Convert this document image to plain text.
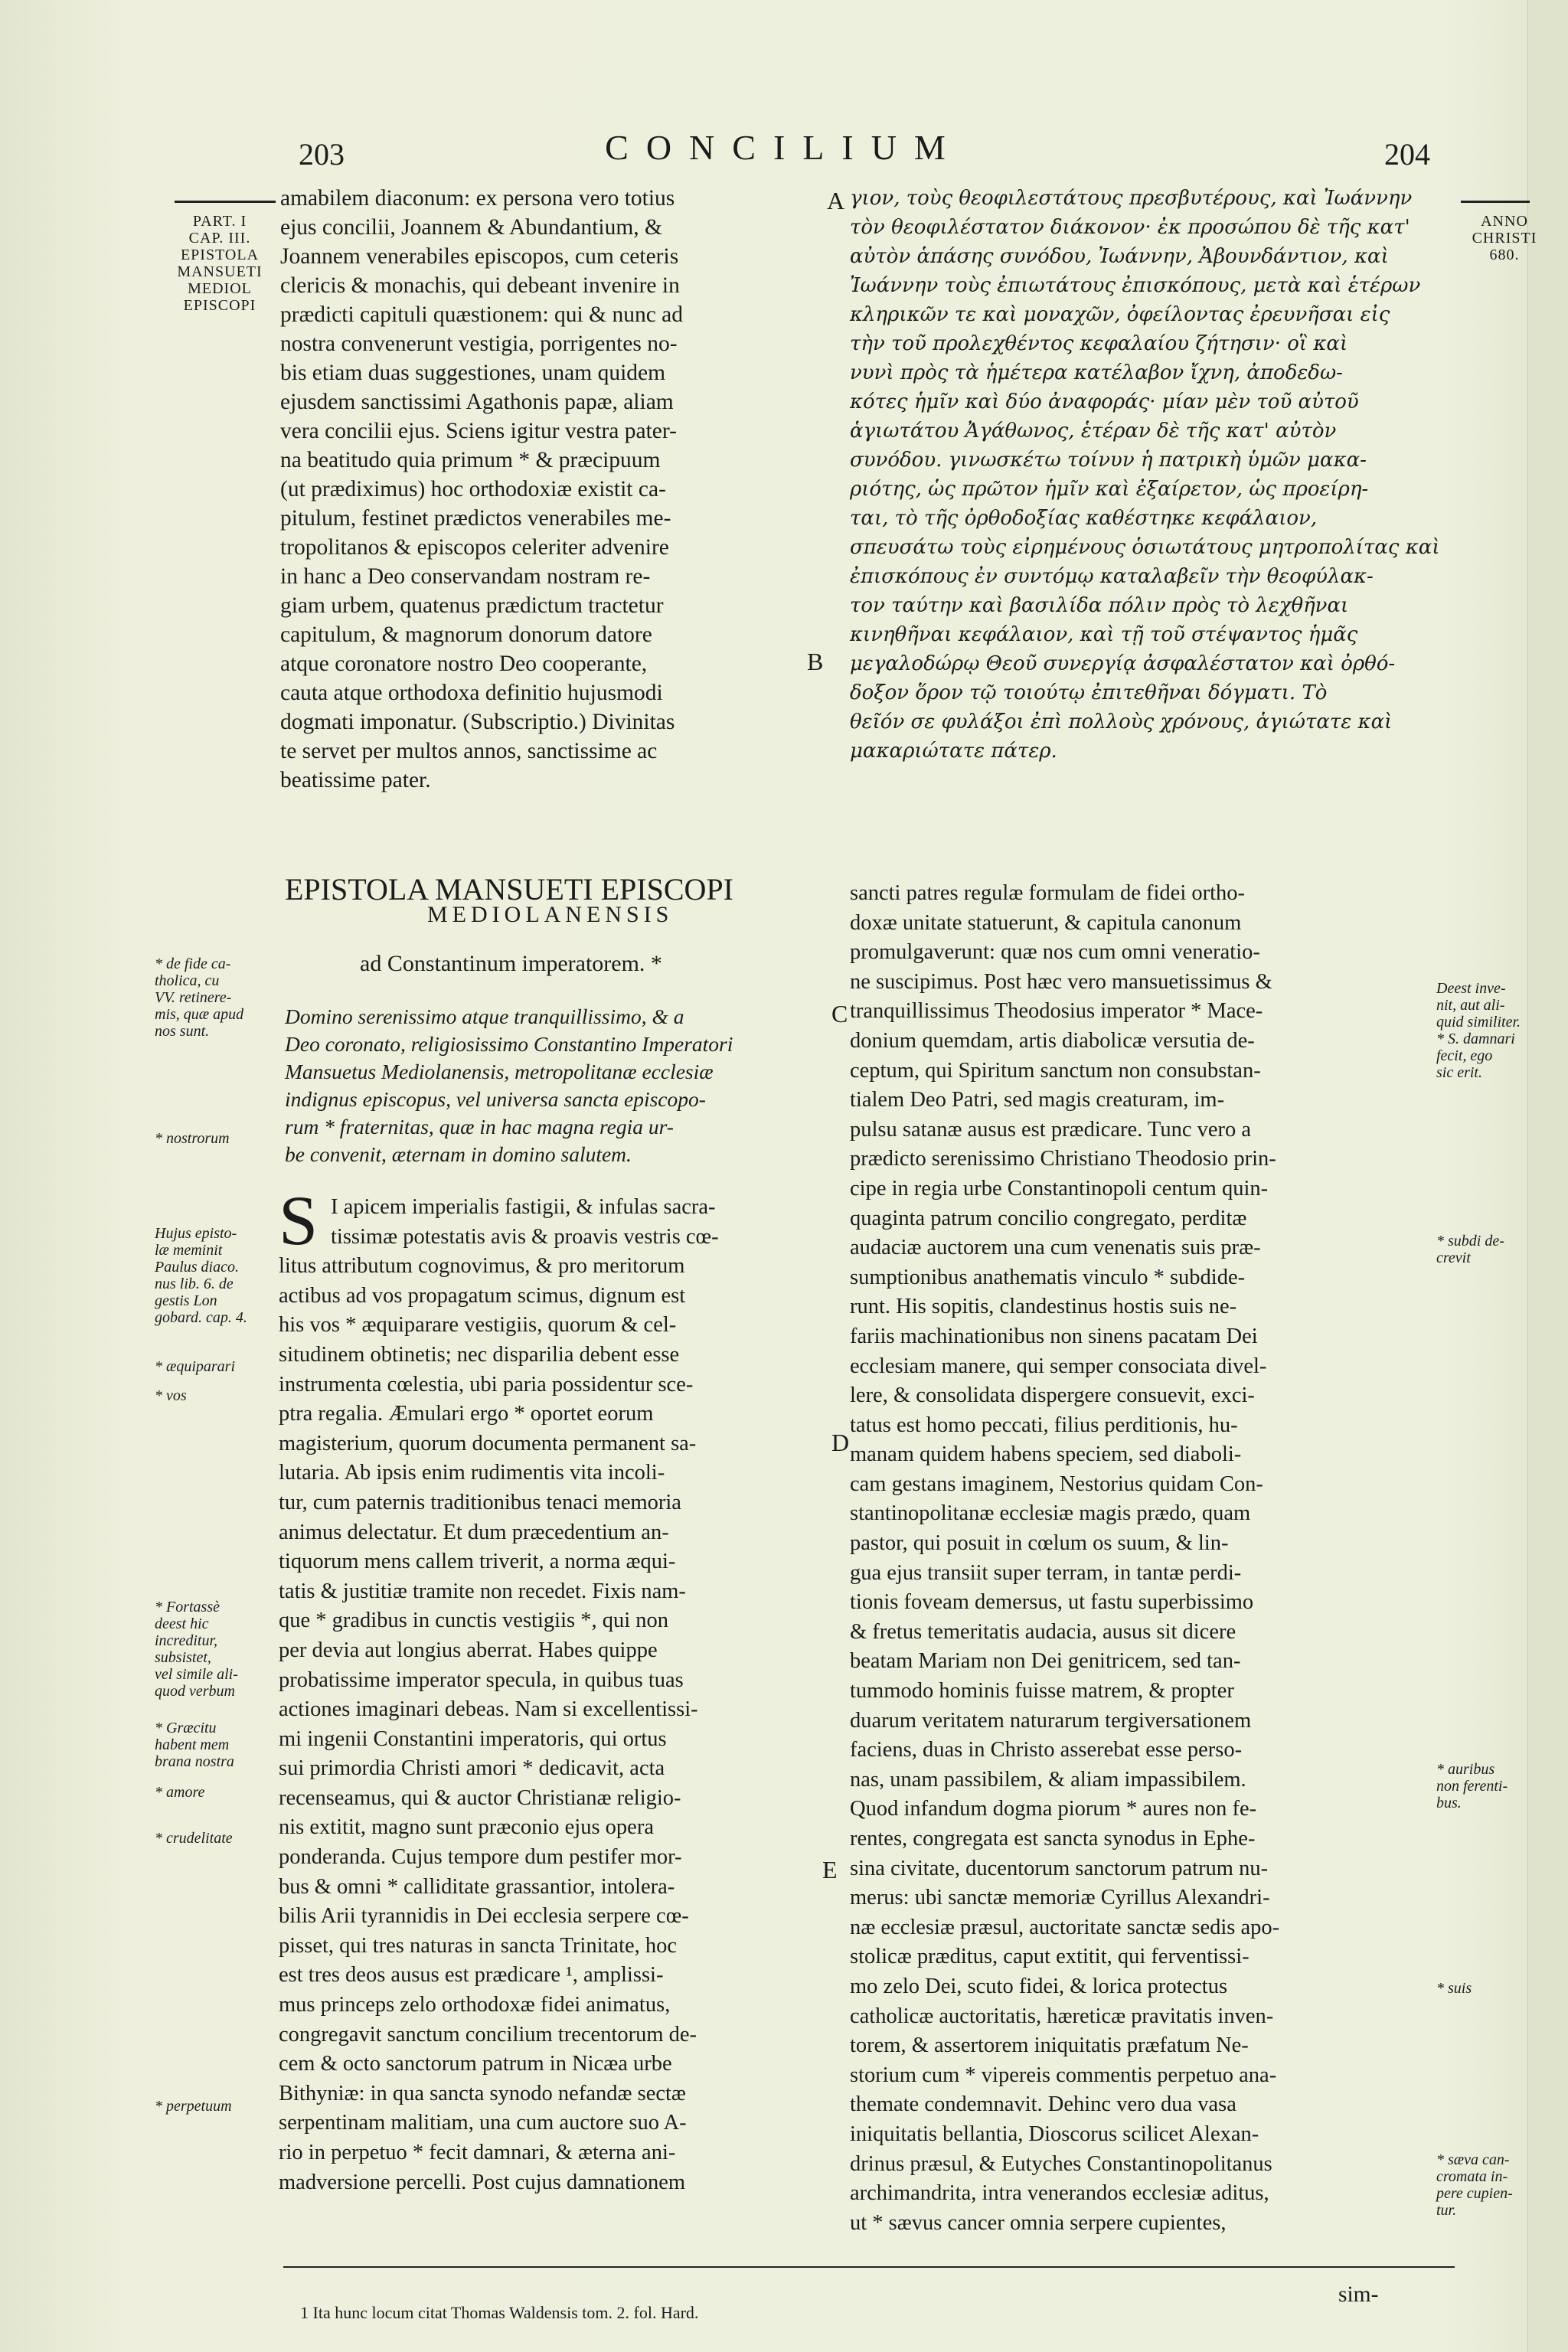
203	CONCILIUM	204
PART. I
CAP. III.
EPISTOLA
MANSUETI
MEDIOL
EPISCOPI
ANNO
CHRISTI
680.
amabilem diaconum: ex persona vero totius
ejus concilii, Joannem & Abundantium, &
Joannem venerabiles episcopos, cum ceteris
clericis & monachis, qui debeant invenire in
prædicti capituli quæstionem: qui & nunc ad
nostra convenerunt vestigia, porrigentes no-
bis etiam duas suggestiones, unam quidem
ejusdem sanctissimi Agathonis papæ, aliam
vera concilii ejus. Sciens igitur vestra pater-
na beatitudo quia primum * & præcipuum
(ut prædiximus) hoc orthodoxiæ existit ca-
pitulum, festinet prædictos venerabiles me-
tropolitanos & episcopos celeriter advenire
in hanc a Deo conservandam nostram re-
giam urbem, quatenus prædictum tractetur
capitulum, & magnorum donorum datore
atque coronatore nostro Deo cooperante,
cauta atque orthodoxa definitio hujusmodi
dogmati imponatur. (Subscriptio.) Divinitas
te servet per multos annos, sanctissime ac
beatissime pater.
γιον, τοὺς θεοφιλεστάτους πρεσβυτέρους, καὶ Ἰωάννην
τὸν θεοφιλέστατον διάκονον· ἐκ προσώπου δὲ τῆς κατ'
αὐτὸν ἁπάσης συνόδου, Ἰωάννην, Ἀβουνδάντιον, καὶ
Ἰωάννην τοὺς ἐπιωτάτους ἐπισκόπους, μετὰ καὶ ἑτέρων
κληρικῶν τε καὶ μοναχῶν, ὀφείλοντας ἐρευνῆσαι εἰς
τὴν τοῦ προλεχθέντος κεφαλαίου ζήτησιν· οἳ καὶ
νυνὶ πρὸς τὰ ἡμέτερα κατέλαβον ἴχνη, ἀποδεδω-
κότες ἡμῖν καὶ δύο ἀναφοράς· μίαν μὲν τοῦ αὐτοῦ
ἁγιωτάτου Ἀγάθωνος, ἑτέραν δὲ τῆς κατ' αὐτὸν
συνόδου. γινωσκέτω τοίνυν ἡ πατρικὴ ὑμῶν μακα-
ριότης, ὡς πρῶτον ἡμῖν καὶ ἐξαίρετον, ὡς προείρη-
ται, τὸ τῆς ὀρθοδοξίας καθέστηκε κεφάλαιον,
σπευσάτω τοὺς εἰρημένους ὁσιωτάτους μητροπολίτας καὶ
ἐπισκόπους ἐν συντόμῳ καταλαβεῖν τὴν θεοφύλακ-
τον ταύτην καὶ βασιλίδα πόλιν πρὸς τὸ λεχθῆναι
κινηθῆναι κεφάλαιον, καὶ τῇ τοῦ στέψαντος ἡμᾶς
μεγαλοδώρῳ Θεοῦ συνεργίᾳ ἀσφαλέστατον καὶ ὀρθό-
δοξον ὅρον τῷ τοιούτῳ ἐπιτεθῆναι δόγματι. Τὸ
θεῖόν σε φυλάξοι ἐπὶ πολλοὺς χρόνους, ἁγιώτατε καὶ
μακαριώτατε πάτερ.
A
B
C
D
E
EPISTOLA MANSUETI EPISCOPI
MEDIOLANENSIS
ad Constantinum imperatorem. *
Domino serenissimo atque tranquillissimo, & a
Deo coronato, religiosissimo Constantino Imperatori
Mansuetus Mediolanensis, metropolitanæ ecclesiæ
indignus episcopus, vel universa sancta episcopo-
rum * fraternitas, quæ in hac magna regia ur-
be convenit, æternam in domino salutem.
S I apicem imperialis fastigii, & infulas sacra-
tissimæ potestatis avis & proavis vestris cœ-
litus attributum cognovimus, & pro meritorum
actibus ad vos propagatum scimus, dignum est
his vos * æquiparare vestigiis, quorum & cel-
situdinem obtinetis; nec disparilia debent esse
instrumenta cœlestia, ubi paria possidentur sce-
ptra regalia. Æmulari ergo * oportet eorum
magisterium, quorum documenta permanent sa-
lutaria. Ab ipsis enim rudimentis vita incoli-
tur, cum paternis traditionibus tenaci memoria
animus delectatur. Et dum præcedentium an-
tiquorum mens callem triverit, a norma æqui-
tatis & justitiæ tramite non recedet. Fixis nam-
que * gradibus in cunctis vestigiis *, qui non
per devia aut longius aberrat. Habes quippe
probatissime imperator specula, in quibus tuas
actiones imaginari debeas. Nam si excellentissi-
mi ingenii Constantini imperatoris, qui ortus
sui primordia Christi amori * dedicavit, acta
recenseamus, qui & auctor Christianæ religio-
nis extitit, magno sunt præconio ejus opera
ponderanda. Cujus tempore dum pestifer mor-
bus & omni * calliditate grassantior, intolera-
bilis Arii tyrannidis in Dei ecclesia serpere cœ-
pisset, qui tres naturas in sancta Trinitate, hoc
est tres deos ausus est prædicare ¹, amplissi-
mus princeps zelo orthodoxæ fidei animatus,
congregavit sanctum concilium trecentorum de-
cem & octo sanctorum patrum in Nicæa urbe
Bithyniæ: in qua sancta synodo nefandæ sectæ
serpentinam malitiam, una cum auctore suo A-
rio in perpetuo * fecit damnari, & æterna ani-
madversione percelli. Post cujus damnationem
sancti patres regulæ formulam de fidei ortho-
doxæ unitate statuerunt, & capitula canonum
promulgaverunt: quæ nos cum omni veneratio-
ne suscipimus. Post hæc vero mansuetissimus &
tranquillissimus Theodosius imperator * Mace-
donium quemdam, artis diabolicæ versutia de-
ceptum, qui Spiritum sanctum non consubstan-
tialem Deo Patri, sed magis creaturam, im-
pulsu satanæ ausus est prædicare. Tunc vero a
prædicto serenissimo Christiano Theodosio prin-
cipe in regia urbe Constantinopoli centum quin-
quaginta patrum concilio congregato, perditæ
audaciæ auctorem una cum venenatis suis præ-
sumptionibus anathematis vinculo * subdide-
runt. His sopitis, clandestinus hostis suis ne-
fariis machinationibus non sinens pacatam Dei
ecclesiam manere, qui semper consociata divel-
lere, & consolidata dispergere consuevit, exci-
tatus est homo peccati, filius perditionis, hu-
manam quidem habens speciem, sed diaboli-
cam gestans imaginem, Nestorius quidam Con-
stantinopolitanæ ecclesiæ magis prædo, quam
pastor, qui posuit in cœlum os suum, & lin-
gua ejus transiit super terram, in tantæ perdi-
tionis foveam demersus, ut fastu superbissimo
& fretus temeritatis audacia, ausus sit dicere
beatam Mariam non Dei genitricem, sed tan-
tummodo hominis fuisse matrem, & propter
duarum veritatem naturarum tergiversationem
faciens, duas in Christo asserebat esse perso-
nas, unam passibilem, & aliam impassibilem.
Quod infandum dogma piorum * aures non fe-
rentes, congregata est sancta synodus in Ephe-
sina civitate, ducentorum sanctorum patrum nu-
merus: ubi sanctæ memoriæ Cyrillus Alexandri-
næ ecclesiæ præsul, auctoritate sanctæ sedis apo-
stolicæ præditus, caput extitit, qui ferventissi-
mo zelo Dei, scuto fidei, & lorica protectus
catholicæ auctoritatis, hæreticæ pravitatis inven-
torem, & assertorem iniquitatis præfatum Ne-
storium cum * vipereis commentis perpetuo ana-
themate condemnavit. Dehinc vero dua vasa
iniquitatis bellantia, Dioscorus scilicet Alexan-
drinus præsul, & Eutyches Constantinopolitanus
archimandrita, intra venerandos ecclesiæ aditus,
ut * sævus cancer omnia serpere cupientes,
sim-
* de fide ca-
tholica, cu
VV. retinere-
mis, quæ apud
nos sunt.
* nostrorum
Hujus episto-
læ meminit
Paulus diaco.
nus lib. 6. de
gestis Lon
gobard. cap. 4.
* æquiparari
* vos
* Fortassè
deest hic
increditur,
subsistet,
vel simile ali-
quod verbum
* Græcitu
habent mem
brana nostra
* amore
* crudelitate
* perpetuum
Deest inve-
nit, aut ali-
quid similiter.
* S. damnari
fecit, ego
sic erit.
* subdi de-
crevit
* auribus
non ferenti-
bus.
* suis
* sæva can-
cromata in-
pere cupien-
tur.
1 Ita hunc locum citat Thomas Waldensis tom. 2. fol. Hard.
